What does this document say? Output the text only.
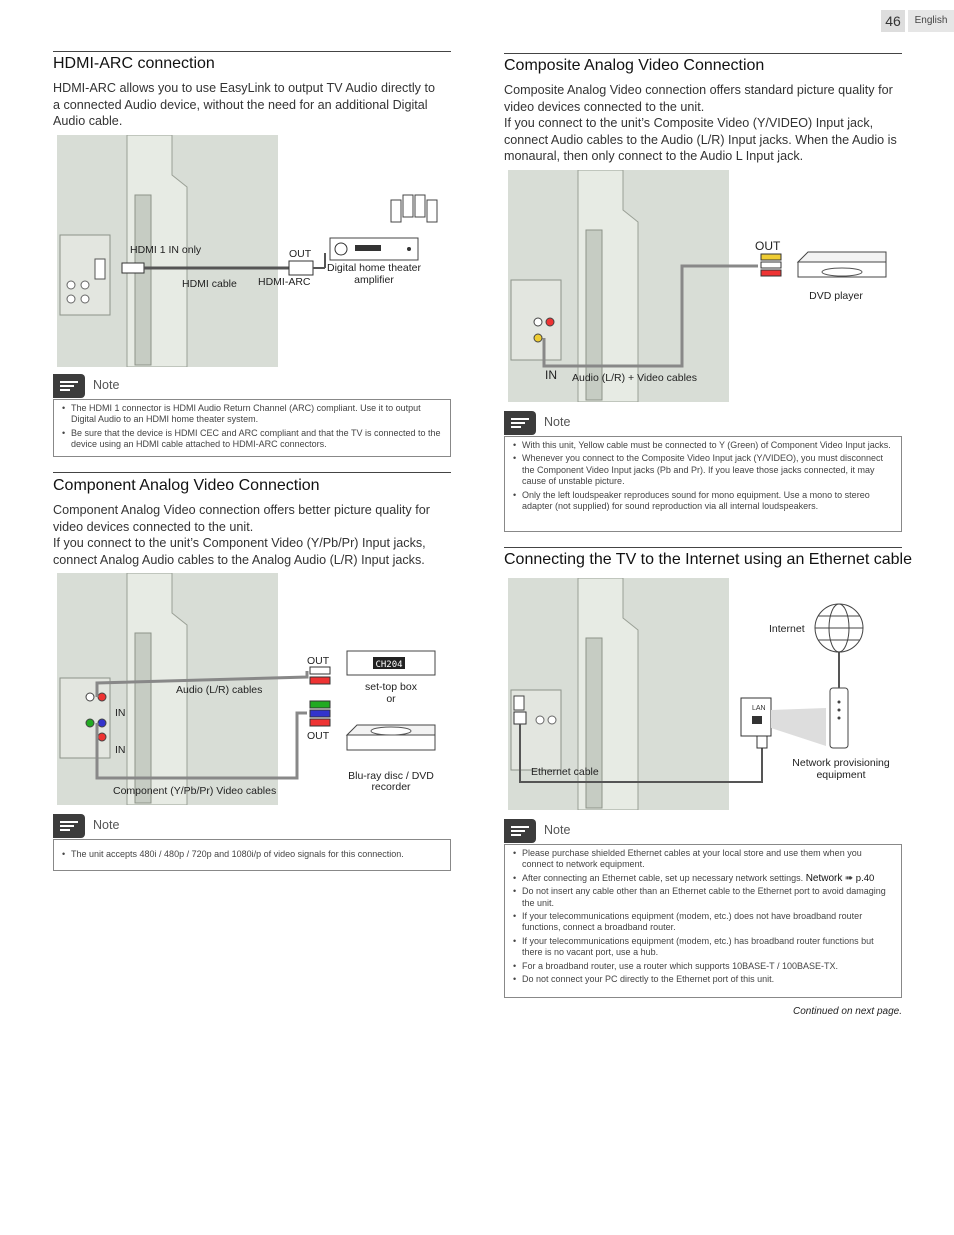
46	English
HDMI-ARC connection
HDMI-ARC allows you to use EasyLink to output TV Audio directly to
a connected Audio device, without the need for an additional Digital
Audio cable.
HDMI 1 IN only	OUT
HDMI cable HDMI-ARC
Digital home theater
amplifier
Note
• The HDMI 1 connector is HDMI Audio Return Channel (ARC) compliant. Use it to output Digital Audio to an HDMI home theater system.
• Be sure that the device is HDMI CEC and ARC compliant and that the TV is connected to the device using an HDMI cable attached to HDMI-ARC connectors.
Component Analog Video Connection
Component Analog Video connection offers better picture quality for
video devices connected to the unit.
If you connect to the unit’s Component Video (Y/Pb/Pr) Input jacks,
connect Analog Audio cables to the Analog Audio (L/R) Input jacks.
OUT
Audio (L/R) cables
IN
IN
OUT
CH204
set-top box
or
Blu-ray disc / DVD
recorder
Component (Y/Pb/Pr) Video cables
Note
• The unit accepts 480i / 480p / 720p and 1080i/p of video signals for this connection.
Composite Analog Video Connection
Composite Analog Video connection offers standard picture quality for
video devices connected to the unit.
If you connect to the unit’s Composite Video (Y/VIDEO) Input jack,
connect Audio cables to the Audio (L/R) Input jacks. When the Audio is
monaural, then only connect to the Audio L Input jack.
OUT
DVD player
IN Audio (L/R) + Video cables
Note
• With this unit, Yellow cable must be connected to Y (Green) of Component Video Input jacks.
• Whenever you connect to the Composite Video Input jack (Y/VIDEO), you must disconnect the Component Video Input jacks (Pb and Pr). If you leave those jacks connected, it may cause of unstable picture.
• Only the left loudspeaker reproduces sound for mono equipment. Use a mono to stereo adapter (not supplied) for sound reproduction via all internal loudspeakers.
Connecting the TV to the Internet using an Ethernet cable
Internet
LAN
Ethernet cable
Network provisioning
equipment
Note
• Please purchase shielded Ethernet cables at your local store and use them when you connect to network equipment.
• After connecting an Ethernet cable, set up necessary network settings. Network ➠ p.40
• Do not insert any cable other than an Ethernet cable to the Ethernet port to avoid damaging the unit.
• If your telecommunications equipment (modem, etc.) does not have broadband router functions, connect a broadband router.
• If your telecommunications equipment (modem, etc.) has broadband router functions but there is no vacant port, use a hub.
• For a broadband router, use a router which supports 10BASE-T / 100BASE-TX.
• Do not connect your PC directly to the Ethernet port of this unit.
Continued on next page.
